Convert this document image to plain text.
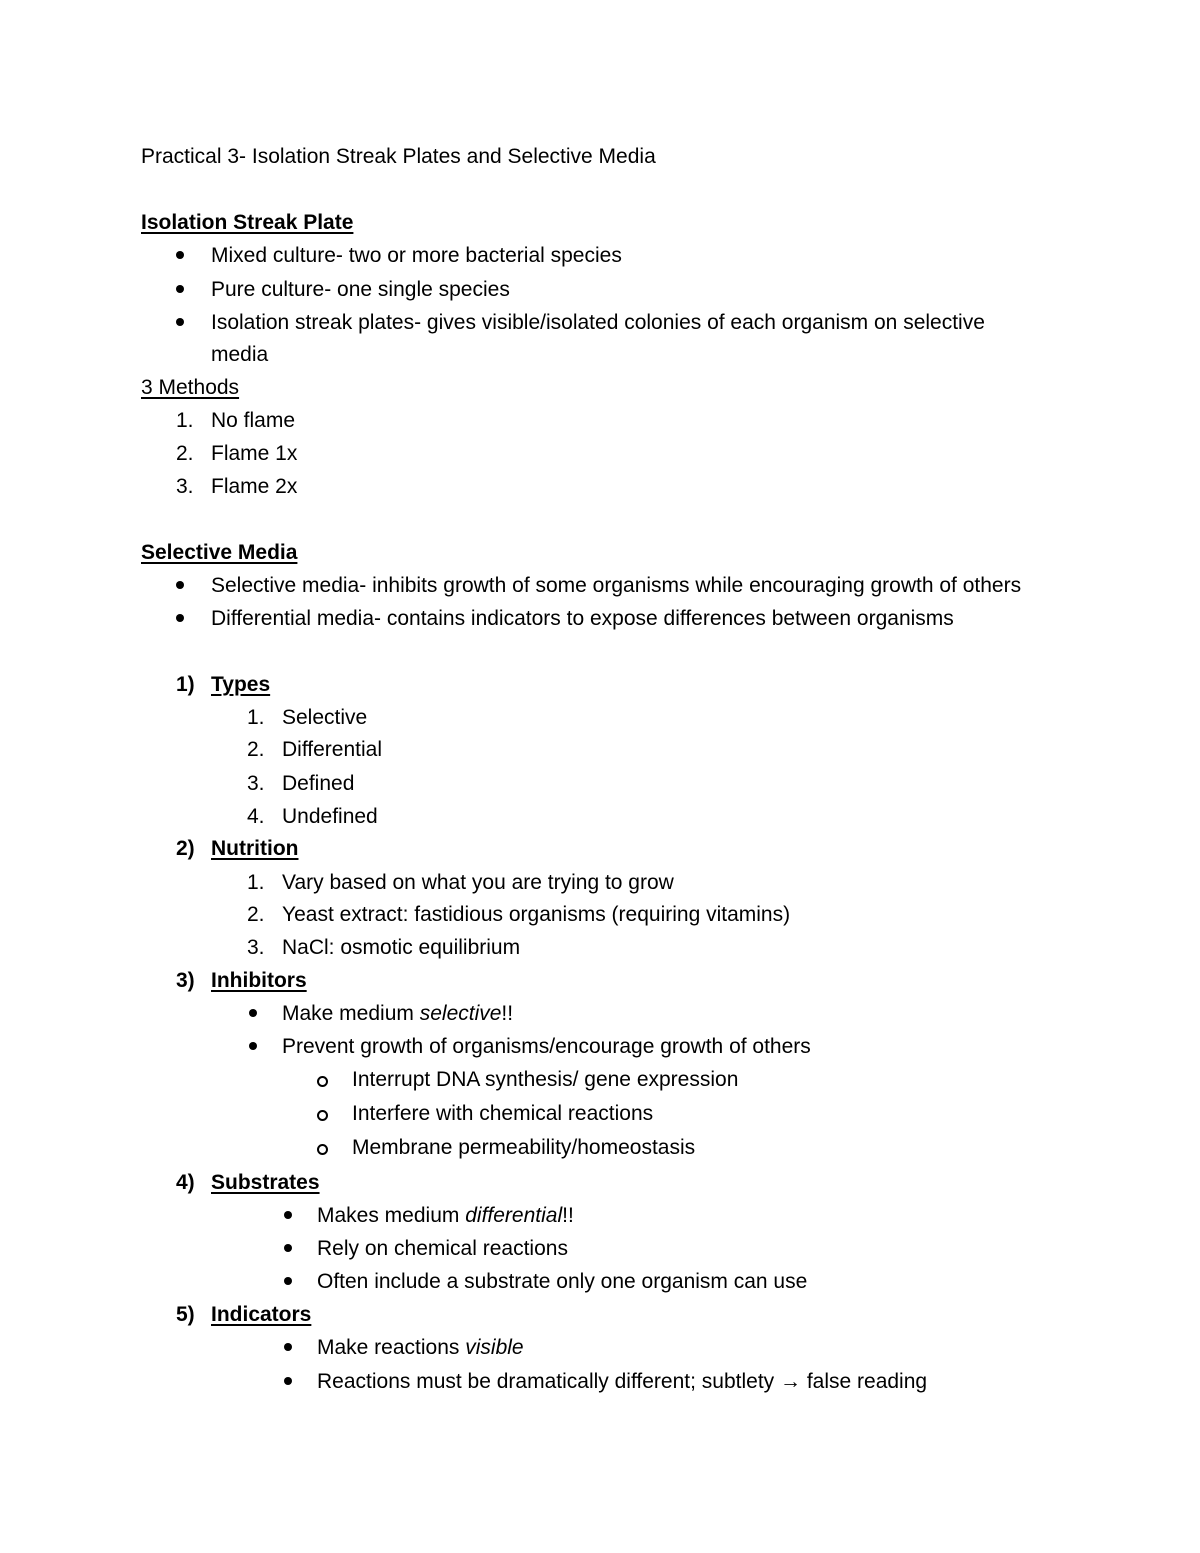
Practical 3- Isolation Streak Plates and Selective Media
Isolation Streak Plate
Mixed culture- two or more bacterial species
Pure culture- one single species
Isolation streak plates- gives visible/isolated colonies of each organism on selective
media
3 Methods
1. No flame
2. Flame 1x
3. Flame 2x
Selective Media
Selective media- inhibits growth of some organisms while encouraging growth of others
Differential media- contains indicators to expose differences between organisms
1) Types
1. Selective
2. Differential
3. Defined
4. Undefined
2) Nutrition
1. Vary based on what you are trying to grow
2. Yeast extract: fastidious organisms (requiring vitamins)
3. NaCl: osmotic equilibrium
3) Inhibitors
Make medium selective!!
Prevent growth of organisms/encourage growth of others
Interrupt DNA synthesis/ gene expression
Interfere with chemical reactions
Membrane permeability/homeostasis
4) Substrates
Makes medium differential!!
Rely on chemical reactions
Often include a substrate only one organism can use
5) Indicators
Make reactions visible
Reactions must be dramatically different; subtlety → false reading
